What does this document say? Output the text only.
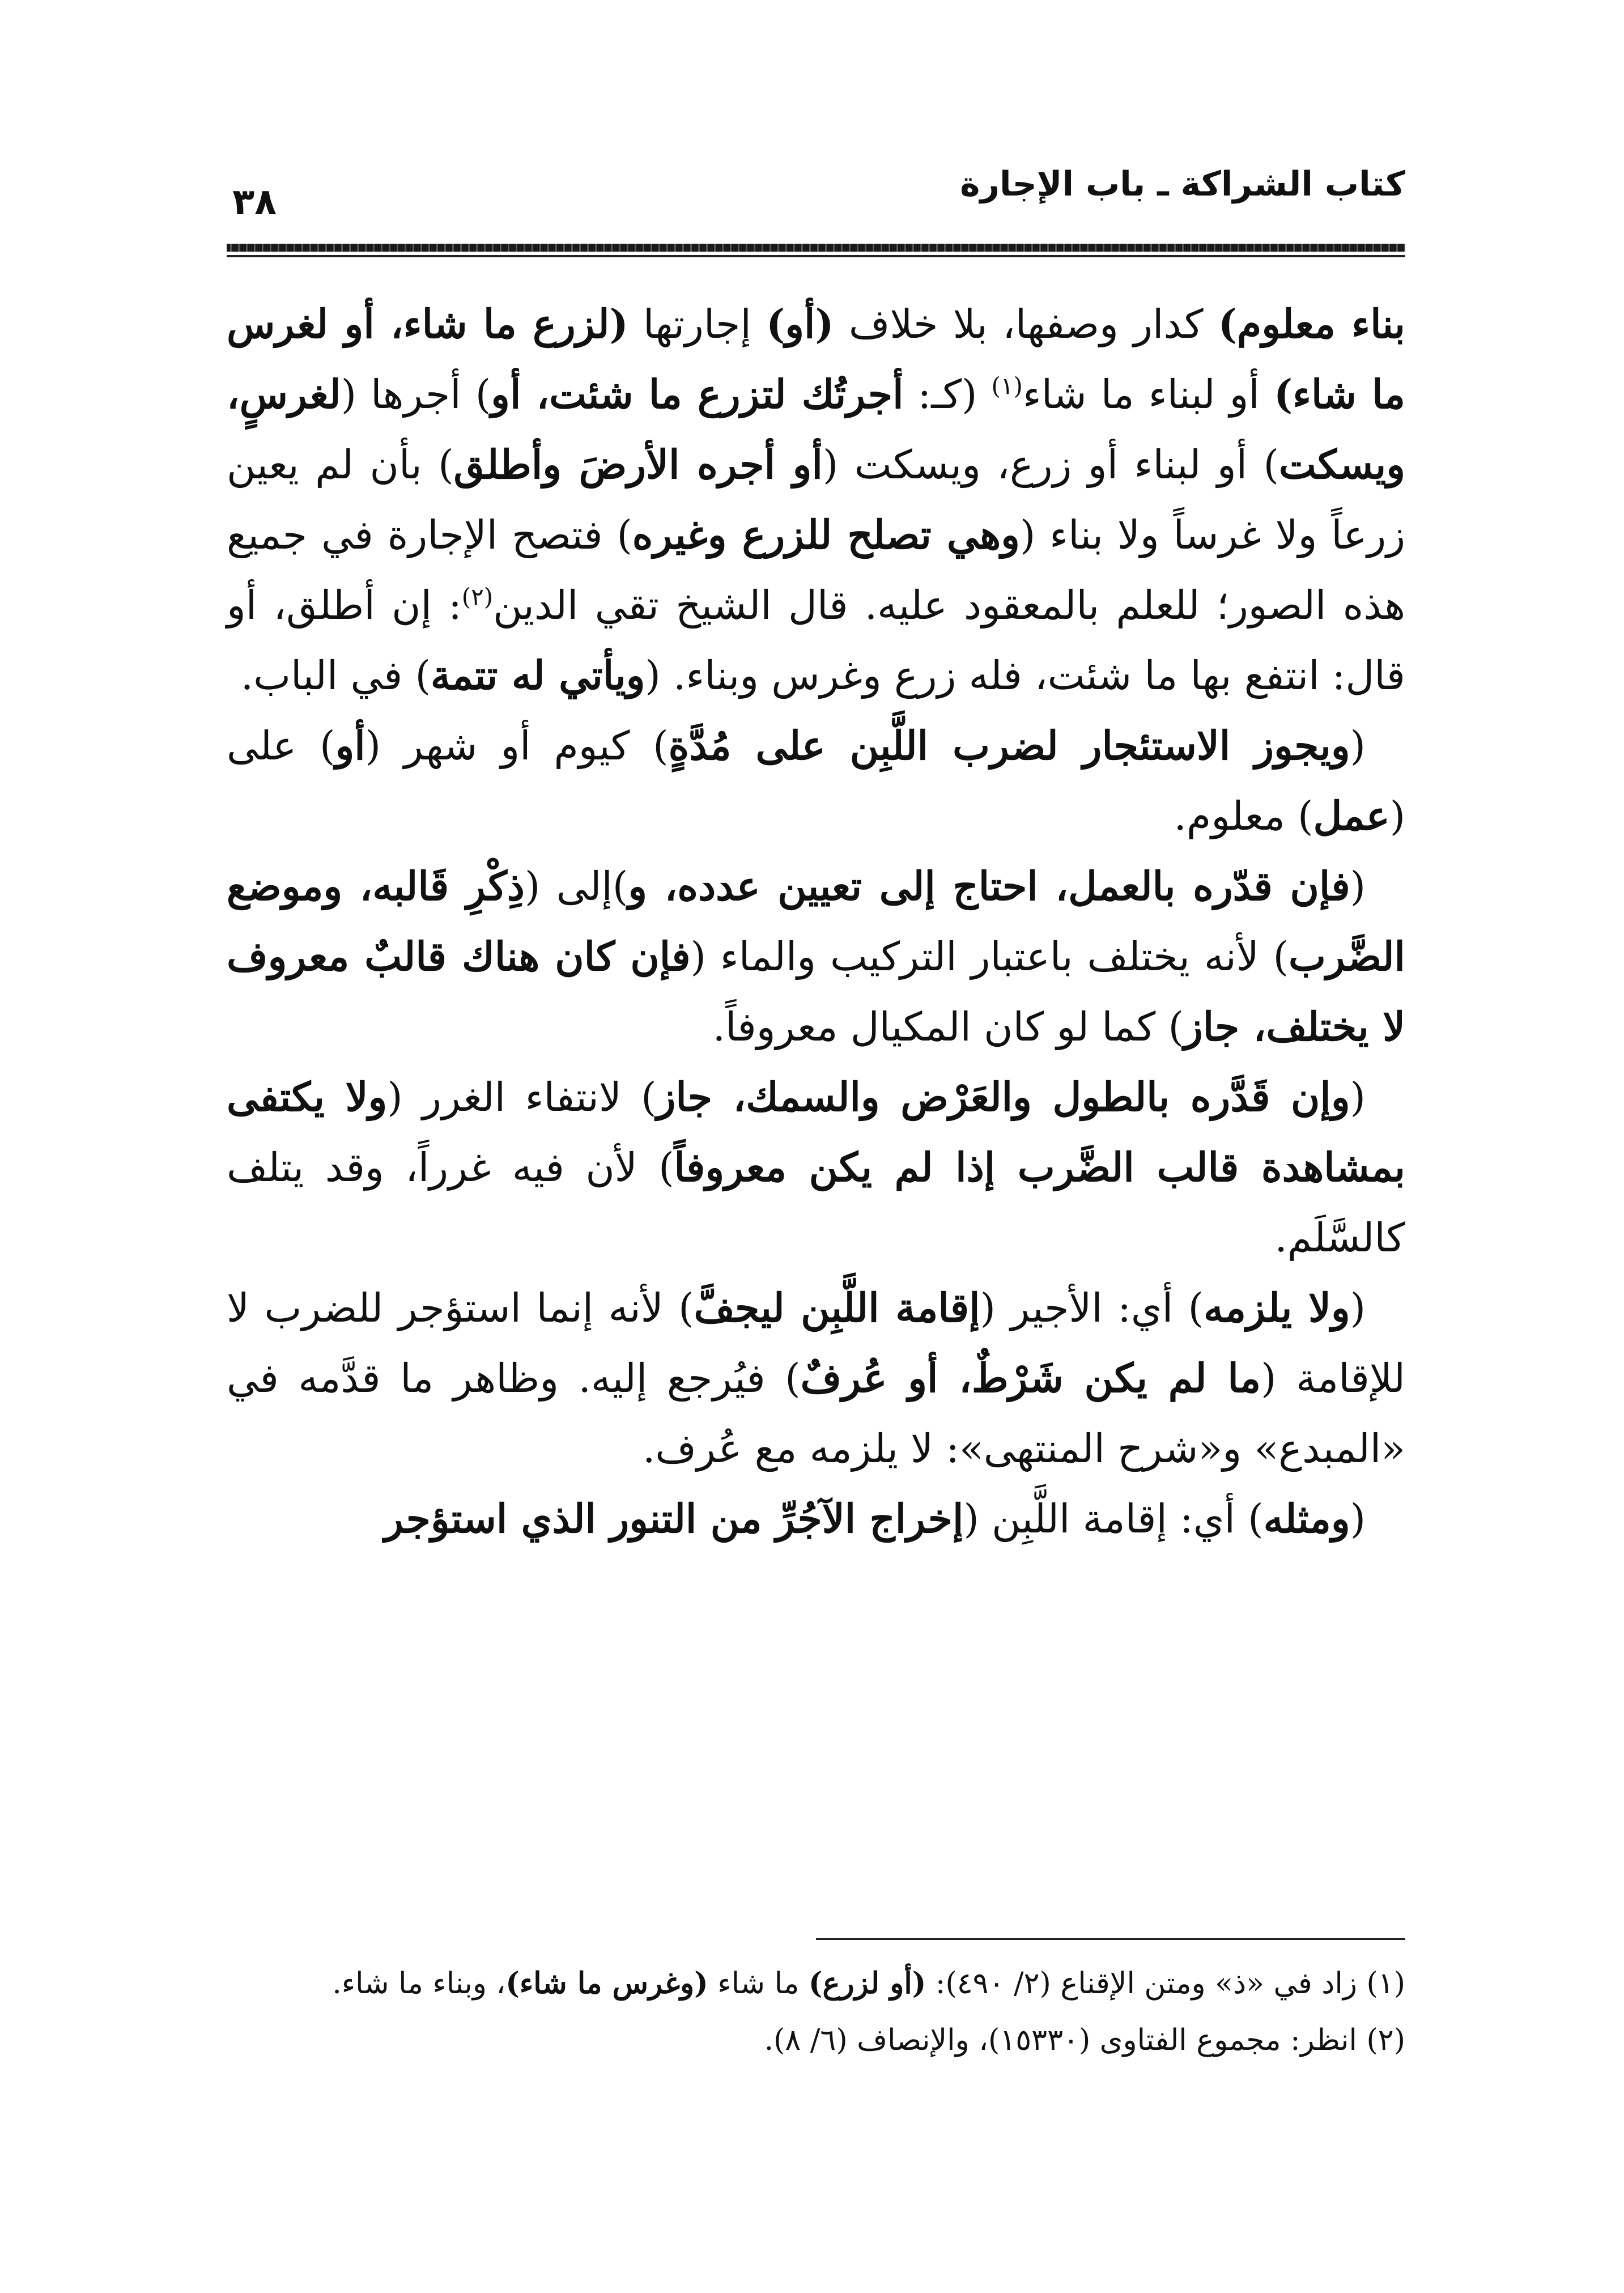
كتاب الشراكة ـ باب الإجارة
٣٨

بناء معلوم) كدار وصفها، بلا خلاف (أو) إجارتها (لزرع ما شاء، أو لغرس ما شاء) أو لبناء ما شاء$^{(١)}$ (كـ: أجرتُك لتزرع ما شئت، أو) أجرها (لغرسٍ، ويسكت) أو لبناء أو زرع، ويسكت (أو أجره الأرضَ وأطلق) بأن لم يعين زرعاً ولا غرساً ولا بناء (وهي تصلح للزرع وغيره) فتصح الإجارة في جميع هذه الصور؛ للعلم بالمعقود عليه. قال الشيخ تقي الدين$^{(٢)}$: إن أطلق، أو قال: انتفع بها ما شئت، فله زرع وغرس وبناء. (ويأتي له تتمة) في الباب.

(ويجوز الاستئجار لضرب اللَّبِن على مُدَّةٍ) كيوم أو شهر (أو) على (عمل) معلوم.

(فإن قدّره بالعمل، احتاج إلى تعيين عدده، و)إلى (ذِكْرِ قَالبه، وموضع الضَّرب) لأنه يختلف باعتبار التركيب والماء (فإن كان هناك قالبٌ معروف لا يختلف، جاز) كما لو كان المكيال معروفاً.

(وإن قَدَّره بالطول والعَرْض والسمك، جاز) لانتفاء الغرر (ولا يكتفى بمشاهدة قالب الضَّرب إذا لم يكن معروفاً) لأن فيه غرراً، وقد يتلف كالسَّلَم.

(ولا يلزمه) أي: الأجير (إقامة اللَّبِن ليجفَّ) لأنه إنما استؤجر للضرب لا للإقامة (ما لم يكن شَرْطٌ، أو عُرفٌ) فيُرجع إليه. وظاهر ما قدَّمه في «المبدع» و«شرح المنتهى»: لا يلزمه مع عُرف.

(ومثله) أي: إقامة اللَّبِن (إخراج الآجُرِّ من التنور الذي استؤجر

(١) زاد في «ذ» ومتن الإقناع (٢/ ٤٩٠): (أو لزرع) ما شاء (وغرس ما شاء)، وبناء ما شاء.

(٢) انظر: مجموع الفتاوى (١٥٣٣٠)، والإنصاف (٦/ ٨).
